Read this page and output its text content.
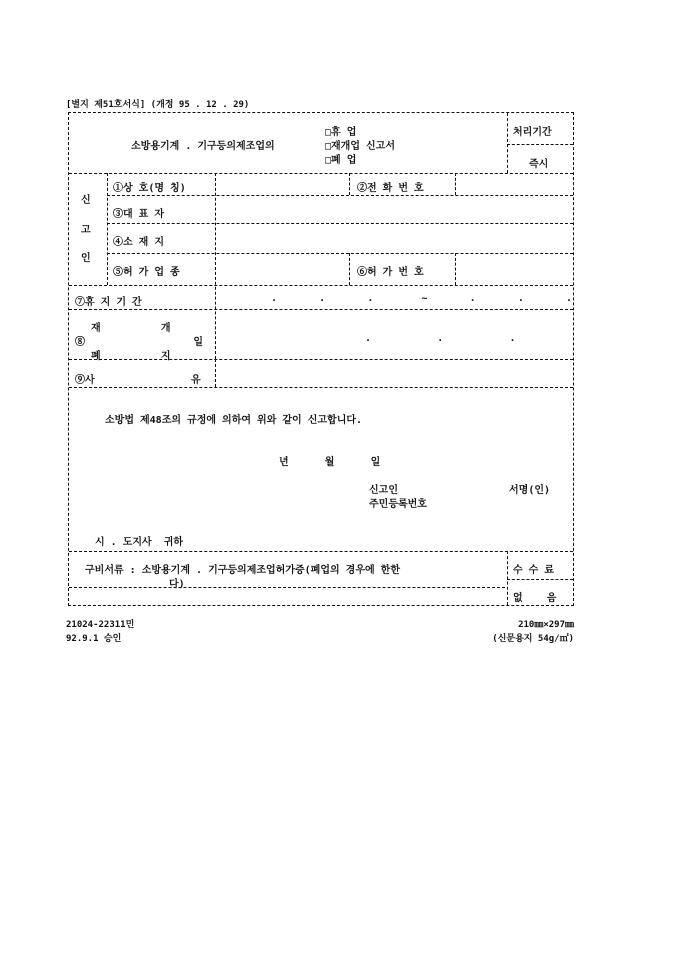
[별지 제51호서식] (개정 95 . 12 . 29)
소방용기계 . 기구등의제조업의
□휴 업
□재개업 신고서
□폐 업
처리기간
즉시
신
고
인
①상 호(명 칭)	②전 화 번 호
③대 표 자
④소 재 지
⑤허 가 업 종	⑥허 가 번 호
⑦휴 지 기 간	.       .       .        ~       .       .       .
재          개
⑧                  일
폐          지
.           .           .
⑨사                유
소방법 제48조의 규정에 의하여 위와 같이 신고합니다.
년      월      일
신고인	서명(인)
주민등록번호
시 . 도지사  귀하
구비서류 : 소방용기계 . 기구등의제조업허가증(폐업의 경우에 한한
다)
수 수 료
없    음
21024-22311민
92.9.1 승인
210㎜×297㎜
(신문용지 54g/㎡)
